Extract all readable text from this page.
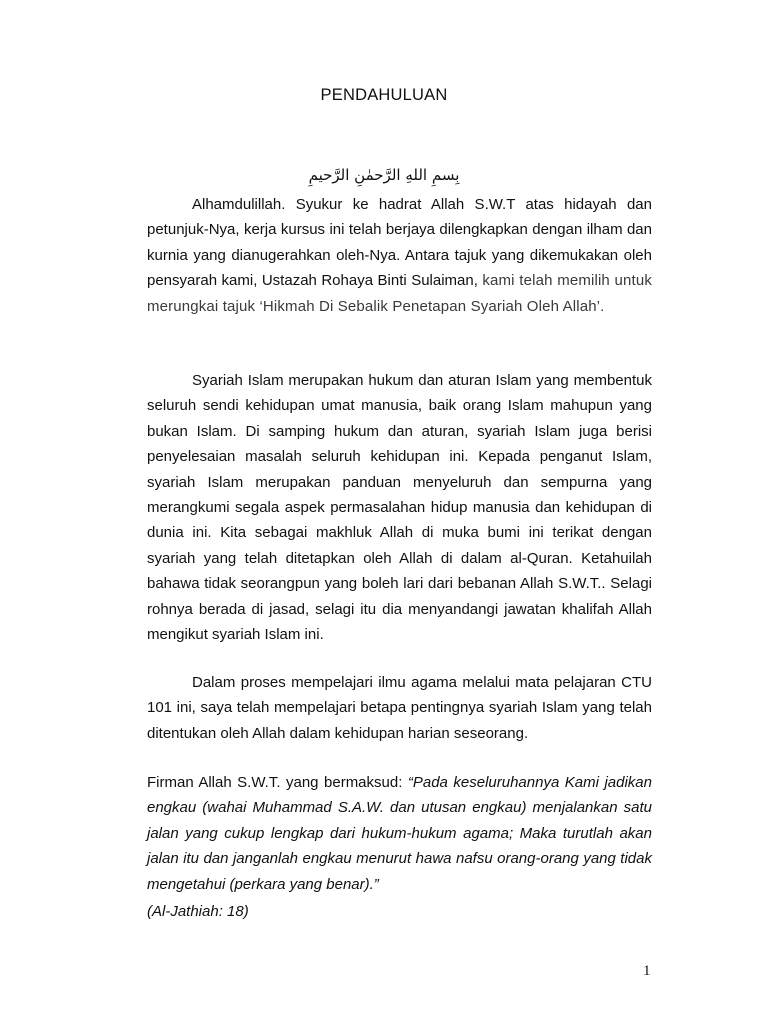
PENDAHULUAN

بِسمِ اللهِ الرَّحمٰنِ الرَّحيمِ

Alhamdulillah. Syukur ke hadrat Allah S.W.T atas hidayah dan petunjuk-Nya, kerja kursus ini telah berjaya dilengkapkan dengan ilham dan kurnia yang dianugerahkan oleh-Nya. Antara tajuk yang dikemukakan oleh pensyarah kami, Ustazah Rohaya Binti Sulaiman, kami telah memilih untuk merungkai tajuk ‘Hikmah Di Sebalik Penetapan Syariah Oleh Allah’.

Syariah Islam merupakan hukum dan aturan Islam yang membentuk seluruh sendi kehidupan umat manusia, baik orang Islam mahupun yang bukan Islam. Di samping hukum dan aturan, syariah Islam juga berisi penyelesaian masalah seluruh kehidupan ini. Kepada penganut Islam, syariah Islam merupakan panduan menyeluruh dan sempurna yang merangkumi segala aspek permasalahan hidup manusia dan kehidupan di dunia ini. Kita sebagai makhluk Allah di muka bumi ini terikat dengan syariah yang telah ditetapkan oleh Allah di dalam al-Quran. Ketahuilah bahawa tidak seorangpun yang boleh lari dari bebanan Allah S.W.T.. Selagi rohnya berada di jasad, selagi itu dia menyandangi jawatan khalifah Allah mengikut syariah Islam ini.

Dalam proses mempelajari ilmu agama melalui mata pelajaran CTU 101 ini, saya telah mempelajari betapa pentingnya syariah Islam yang telah ditentukan oleh Allah dalam kehidupan harian seseorang.

Firman Allah S.W.T. yang bermaksud: “Pada keseluruhannya Kami jadikan engkau (wahai Muhammad S.A.W. dan utusan engkau) menjalankan satu jalan yang cukup lengkap dari hukum-hukum agama; Maka turutlah akan jalan itu dan janganlah engkau menurut hawa nafsu orang-orang yang tidak mengetahui (perkara yang benar).”

(Al-Jathiah: 18)

1
